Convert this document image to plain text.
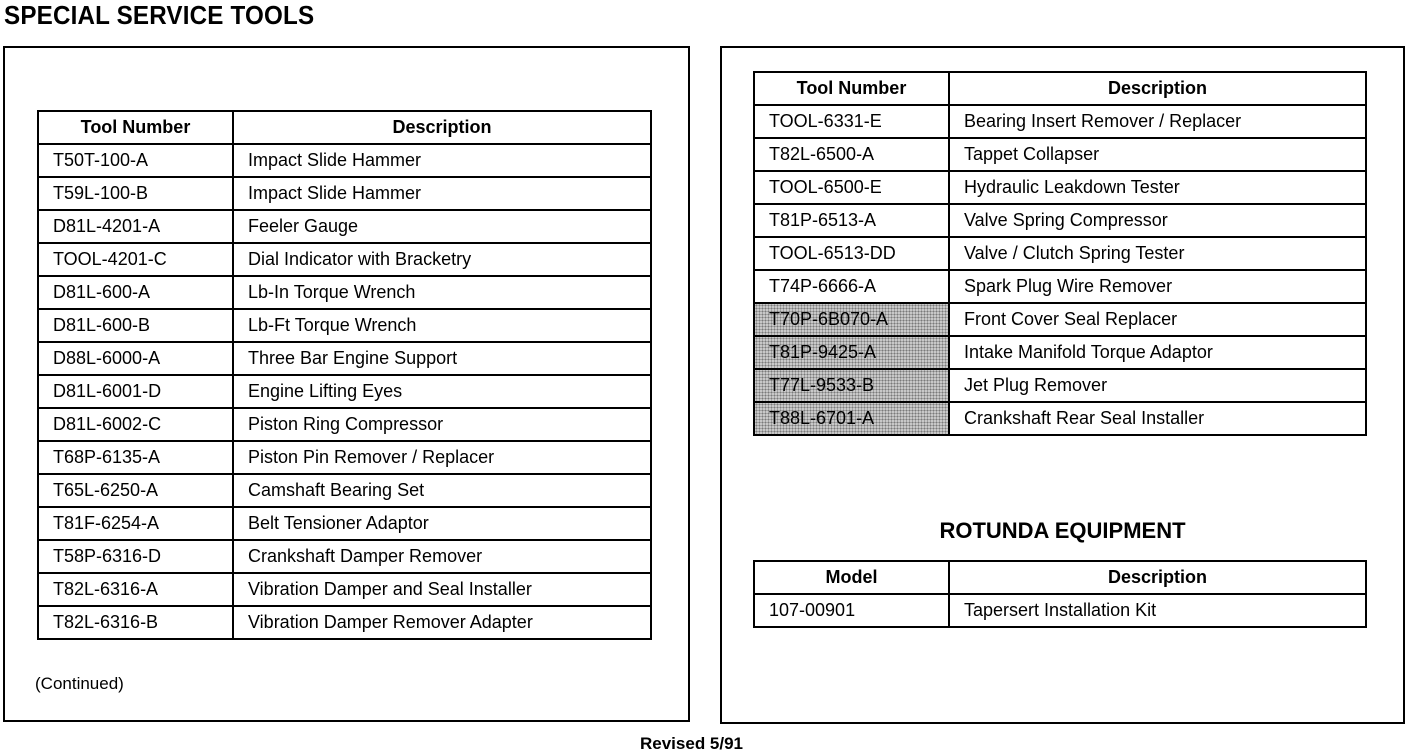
SPECIAL SERVICE TOOLS
Tool Number	Description
T50T-100-A	Impact Slide Hammer
T59L-100-B	Impact Slide Hammer
D81L-4201-A	Feeler Gauge
TOOL-4201-C	Dial Indicator with Bracketry
D81L-600-A	Lb-In Torque Wrench
D81L-600-B	Lb-Ft Torque Wrench
D88L-6000-A	Three Bar Engine Support
D81L-6001-D	Engine Lifting Eyes
D81L-6002-C	Piston Ring Compressor
T68P-6135-A	Piston Pin Remover / Replacer
T65L-6250-A	Camshaft Bearing Set
T81F-6254-A	Belt Tensioner Adaptor
T58P-6316-D	Crankshaft Damper Remover
T82L-6316-A	Vibration Damper and Seal Installer
T82L-6316-B	Vibration Damper Remover Adapter
(Continued)
Tool Number	Description
TOOL-6331-E	Bearing Insert Remover / Replacer
T82L-6500-A	Tappet Collapser
TOOL-6500-E	Hydraulic Leakdown Tester
T81P-6513-A	Valve Spring Compressor
TOOL-6513-DD	Valve / Clutch Spring Tester
T74P-6666-A	Spark Plug Wire Remover
T70P-6B070-A	Front Cover Seal Replacer
T81P-9425-A	Intake Manifold Torque Adaptor
T77L-9533-B	Jet Plug Remover
T88L-6701-A	Crankshaft Rear Seal Installer
ROTUNDA EQUIPMENT
Model	Description
107-00901	Tapersert Installation Kit
Revised 5/91
